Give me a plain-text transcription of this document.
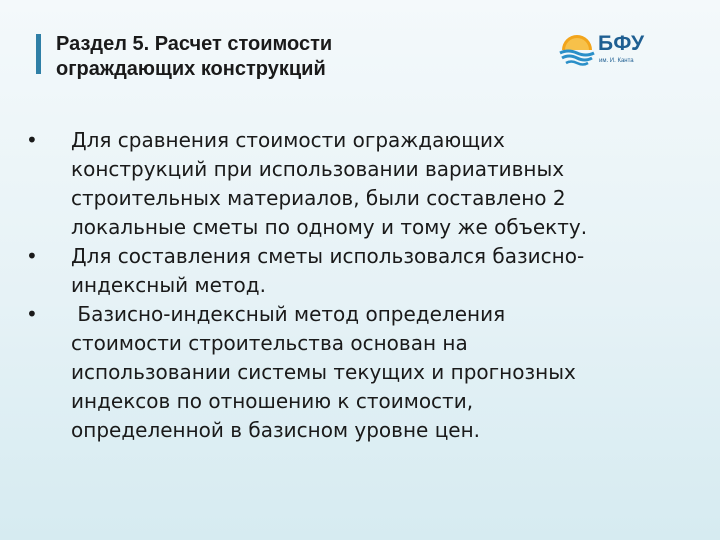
Раздел 5. Расчет стоимости
ограждающих конструкций
БФУ
им. И. Канта
•	Для сравнения стоимости ограждающих
конструкций при использовании вариативных
строительных материалов, были составлено 2
локальные сметы по одному и тому же объекту.
•	Для составления сметы использовался базисно-
индексный метод.
•	Базисно-индексный метод определения
стоимости строительства основан на
использовании системы текущих и прогнозных
индексов по отношению к стоимости,
определенной в базисном уровне цен.
